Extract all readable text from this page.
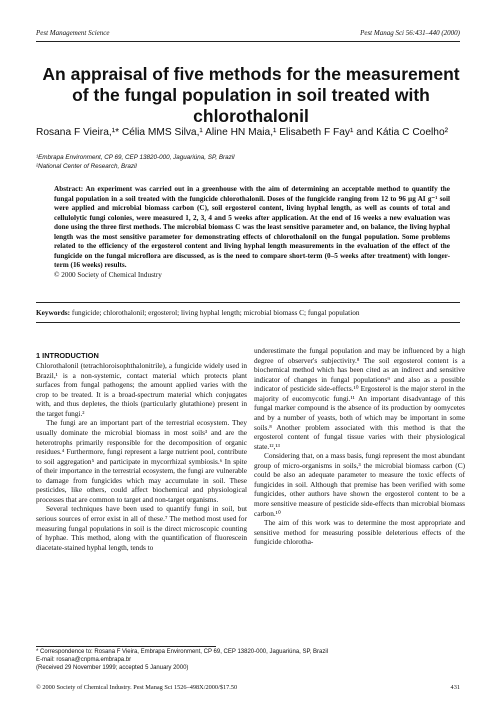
Pest Management Science	Pest Manag Sci 56:431–440 (2000)
An appraisal of five methods for the measurement of the fungal population in soil treated with chlorothalonil
Rosana F Vieira,¹* Célia MMS Silva,¹ Aline HN Maia,¹ Elisabeth F Fay¹ and Kátia C Coelho²
¹Embrapa Environment, CP 69, CEP 13820-000, Jaguariúna, SP, Brazil
²National Center of Research, Brazil
Abstract: An experiment was carried out in a greenhouse with the aim of determining an acceptable method to quantify the fungal population in a soil treated with the fungicide chlorothalonil. Doses of the fungicide ranging from 12 to 96 µg AI g⁻¹ soil were applied and microbial biomass carbon (C), soil ergosterol content, living hyphal length, as well as counts of total and cellulolytic fungi colonies, were measured 1, 2, 3, 4 and 5 weeks after application. At the end of 16 weeks a new evaluation was done using the three first methods. The microbial biomass C was the least sensitive parameter and, on balance, the living hyphal length was the most sensitive parameter for demonstrating effects of chlorothalonil on the fungal population. Some problems related to the efficiency of the ergosterol content and living hyphal length measurements in the evaluation of the effect of the fungicide on the fungal microflora are discussed, as is the need to compare short-term (0–5 weeks after treatment) with longer-term (16 weeks) results.
© 2000 Society of Chemical Industry
Keywords: fungicide; chlorothalonil; ergosterol; living hyphal length; microbial biomass C; fungal population
1 INTRODUCTION

Chlorothalonil (tetrachloroisophthalonitrile), a fungicide widely used in Brazil,¹ is a non-systemic, contact material which protects plant surfaces from fungal pathogens; the amount applied varies with the crop to be treated. It is a broad-spectrum material which conjugates with, and thus depletes, the thiols (particularly glutathione) present in the target fungi.²

The fungi are an important part of the terrestrial ecosystem. They usually dominate the microbial biomass in most soils³ and are the heterotrophs primarily responsible for the decomposition of organic residues.⁴ Furthermore, fungi represent a large nutrient pool, contribute to soil aggregation⁵ and participate in mycorrhizal symbiosis.⁶ In spite of their importance in the terrestrial ecosystem, the fungi are vulnerable to damage from fungicides which may accumulate in soil. These pesticides, like others, could affect biochemical and physiological processes that are common to target and non-target organisms.

Several techniques have been used to quantify fungi in soil, but serious sources of error exist in all of these.⁷ The method most used for measuring fungal populations in soil is the direct microscopic counting of hyphae. This method, along with the quantification of fluorescein diacetate-stained hyphal length, tends to

underestimate the fungal population and may be influenced by a high degree of observer's subjectivity.⁸ The soil ergosterol content is a biochemical method which has been cited as an indirect and sensitive indicator of changes in fungal populations⁹ and also as a possible indicator of pesticide side-effects.¹⁰ Ergosterol is the major sterol in the majority of eucomycotic fungi.¹¹ An important disadvantage of this fungal marker compound is the absence of its production by oomycetes and by a number of yeasts, both of which may be important in some soils.⁸ Another problem associated with this method is that the ergosterol content of fungal tissue varies with their physiological state.¹²,¹³

Considering that, on a mass basis, fungi represent the most abundant group of micro-organisms in soils,³ the microbial biomass carbon (C) could be also an adequate parameter to measure the toxic effects of fungicides in soil. Although that premise has been verified with some fungicides, other authors have shown the ergosterol content to be a more sensitive measure of pesticide side-effects than microbial biomass carbon.¹⁰

The aim of this work was to determine the most appropriate and sensitive method for measuring possible deleterious effects of the fungicide chlorotha-

* Correspondence to: Rosana F Vieira, Embrapa Environment, CP 69, CEP 13820-000, Jaguariúna, SP, Brazil
E-mail: rosana@cnpma.embrapa.br
(Received 29 November 1999; accepted 5 January 2000)
© 2000 Society of Chemical Industry. Pest Manag Sci 1526–498X/2000/$17.50	431
